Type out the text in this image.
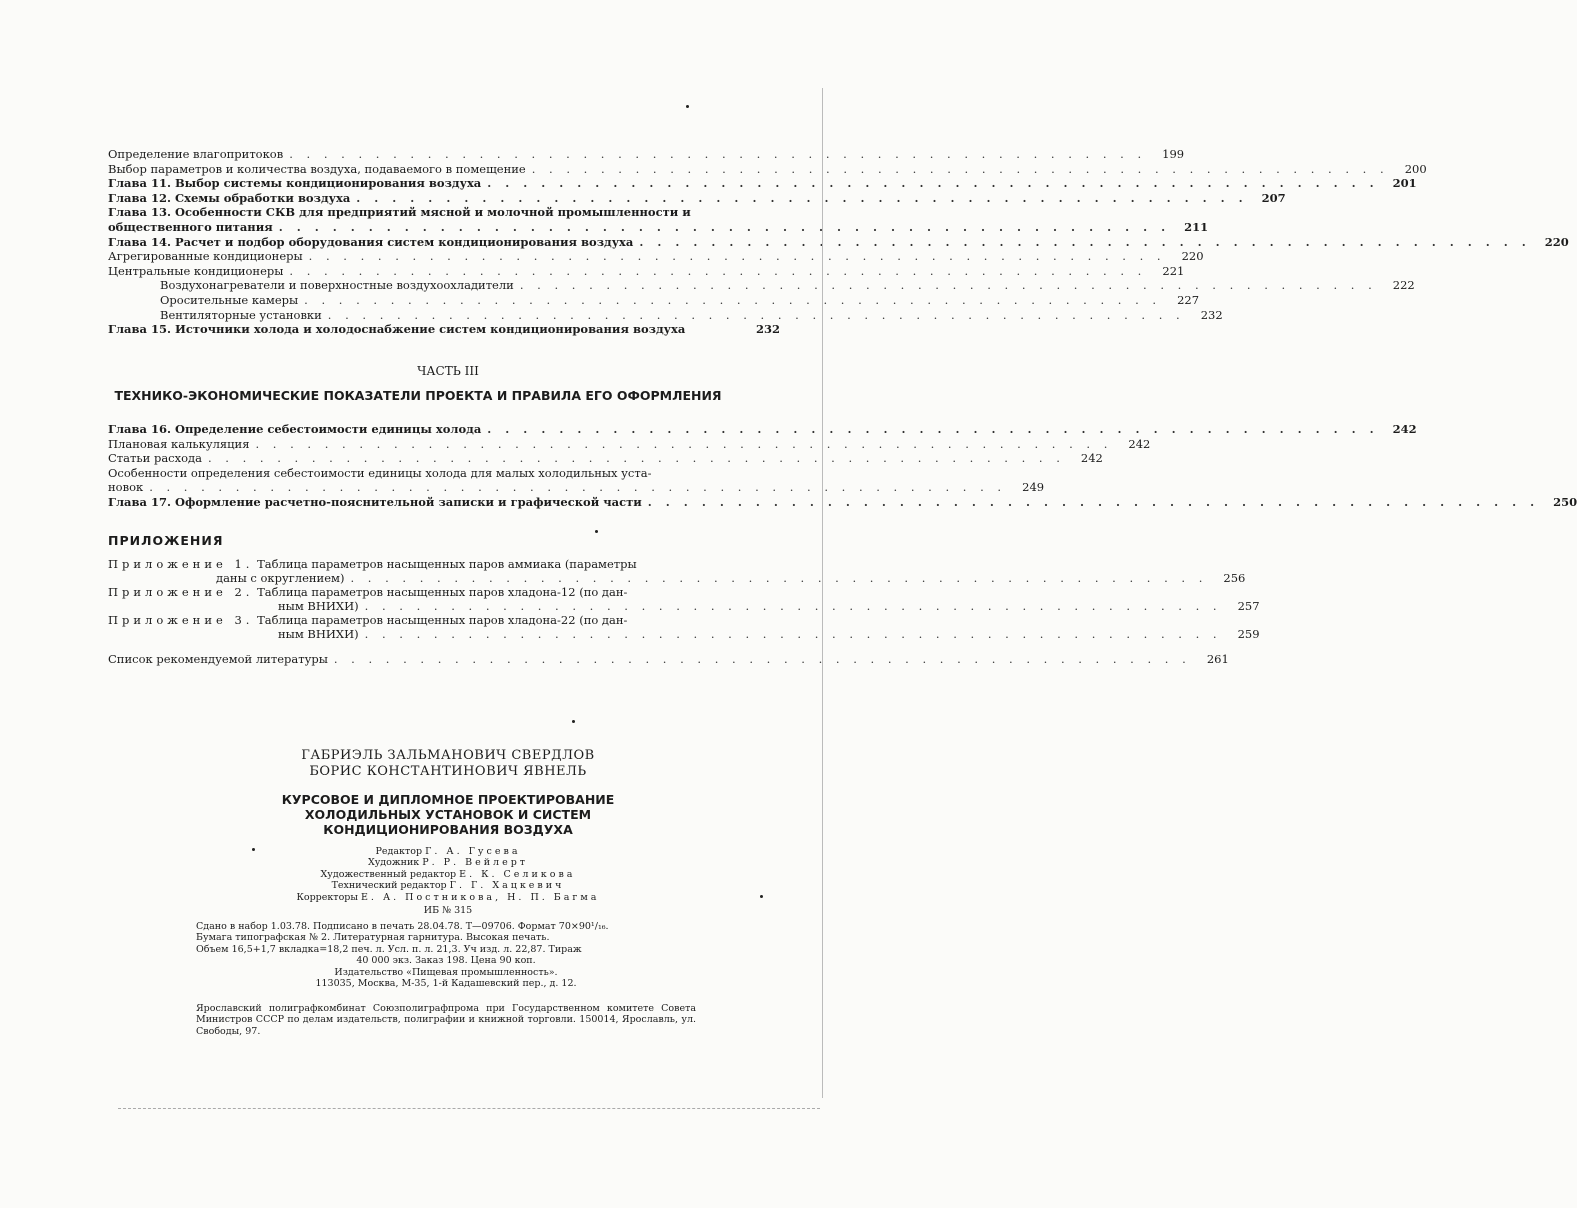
Определение влагопритоков . . .	199
Выбор параметров и количества воздуха, подаваемого в помещение . . .	200
Глава 11. Выбор системы кондиционирования воздуха . . .	201
Глава 12. Схемы обработки воздуха . . .	207
Глава 13. Особенности СКВ для предприятий мясной и молочной промышленности и
общественного питания . . .	211
Глава 14. Расчет и подбор оборудования систем кондиционирования воздуха . . .	220
Агрегированные кондиционеры . . .	220
Центральные кондиционеры . . .	221
Воздухонагреватели и поверхностные воздухоохладители . . .	222
Оросительные камеры . . .	227
Вентиляторные установки . . .	232
Глава 15. Источники холода и холодоснабжение систем кондиционирования воздуха	232
ЧАСТЬ III
ТЕХНИКО-ЭКОНОМИЧЕСКИЕ ПОКАЗАТЕЛИ ПРОЕКТА И ПРАВИЛА ЕГО ОФОРМЛЕНИЯ
Глава 16. Определение себестоимости единицы холода . . .	242
Плановая калькуляция . . .	242
Статьи расхода . . .	242
Особенности определения себестоимости единицы холода для малых холодильных уста-
новок . . .	249
Глава 17. Оформление расчетно-пояснительной записки и графической части . . .	250
ПРИЛОЖЕНИЯ
Приложение 1. Таблица параметров насыщенных паров аммиака (параметры
даны с округлением) . . .	256
Приложение 2. Таблица параметров насыщенных паров хладона-12 (по дан-
ным ВНИХИ) . . .	257
Приложение 3. Таблица параметров насыщенных паров хладона-22 (по дан-
ным ВНИХИ) . . .	259
Список рекомендуемой литературы . . .	261
ГАБРИЭЛЬ ЗАЛЬМАНОВИЧ СВЕРДЛОВ
БОРИС КОНСТАНТИНОВИЧ ЯВНЕЛЬ
КУРСОВОЕ И ДИПЛОМНОЕ ПРОЕКТИРОВАНИЕ
ХОЛОДИЛЬНЫХ УСТАНОВОК И СИСТЕМ
КОНДИЦИОНИРОВАНИЯ ВОЗДУХА
Редактор Г. А. Гусева
Художник Р. Р. Вейлерт
Художественный редактор Е. К. Селикова
Технический редактор Г. Г. Хацкевич
Корректоры Е. А. Постникова, Н. П. Багма
ИБ № 315
Сдано в набор 1.03.78. Подписано в печать 28.04.78. Т—09706. Формат 70×90¹/₁₆.
Бумага типографская № 2. Литературная гарнитура. Высокая печать.
Объем 16,5+1,7 вкладка=18,2 печ. л. Усл. п. л. 21,3. Уч изд. л. 22,87. Тираж
40 000 экз. Заказ 198. Цена 90 коп.
Издательство «Пищевая промышленность».
113035, Москва, М-35, 1-й Кадашевский пер., д. 12.
Ярославский полиграфкомбинат Союзполиграфпрома при Государственном комитете Совета Министров СССР по делам издательств, полиграфии и книжной торговли. 150014, Ярославль, ул. Свободы, 97.
